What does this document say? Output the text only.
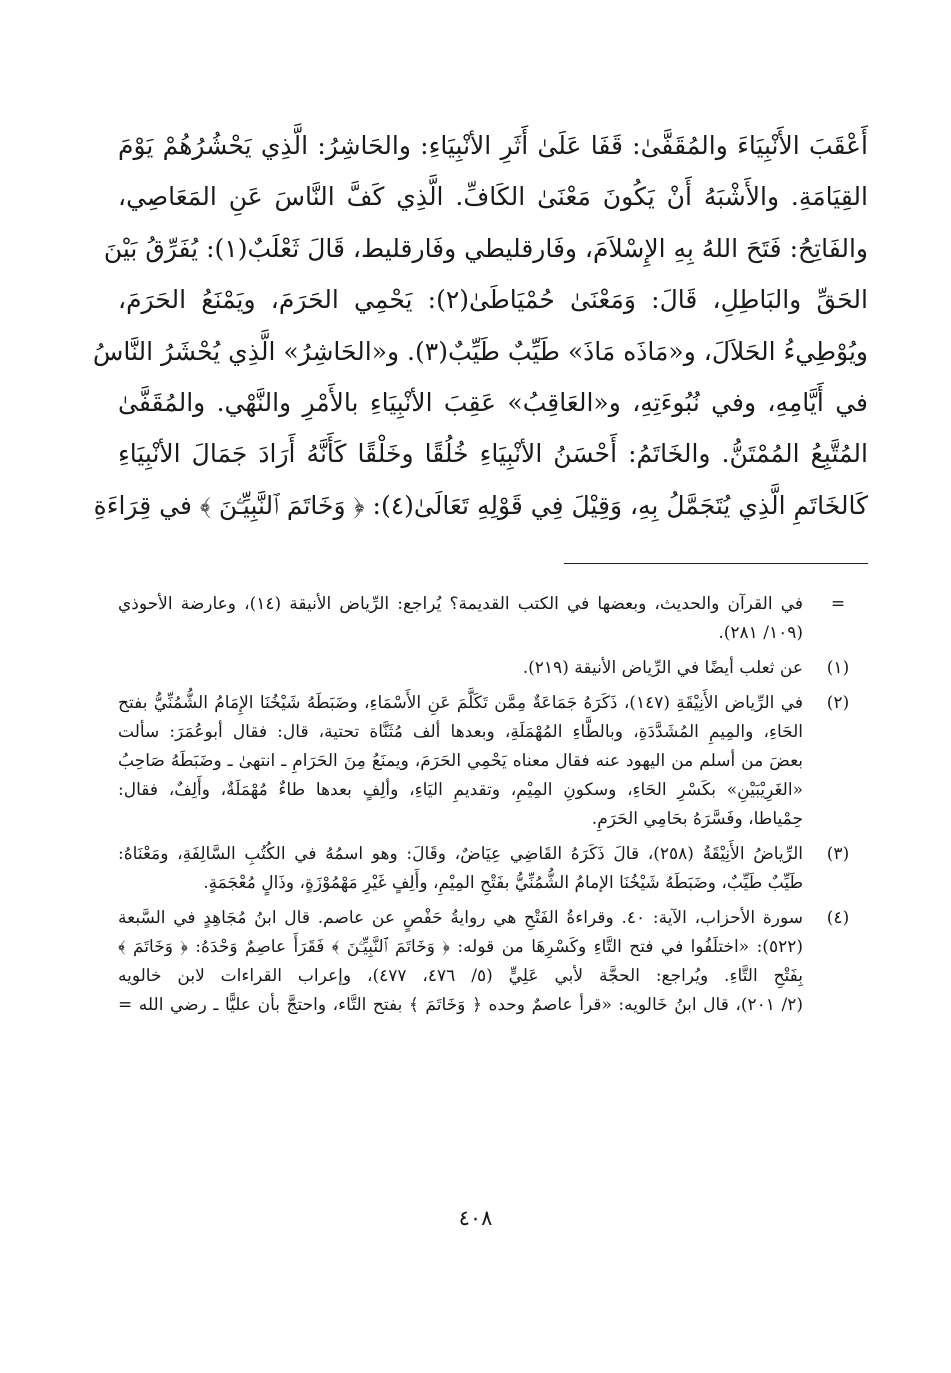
أَعْقَبَ الأَنْبِيَاءَ والمُقَفَّىٰ: قَفَا عَلَىٰ أَثَرِ الأنْبِيَاءِ: والحَاشِرُ: الَّذِي يَحْشُرُهُمْ يَوْمَ
القِيَامَةِ. والأَشْبَهُ أَنْ يَكُونَ مَعْنَىٰ الكَافِّ. الَّذِي كَفَّ النَّاسَ عَنِ المَعَاصِي،
والفَاتِحُ: فَتَحَ اللهُ بِهِ الإِسْلاَمَ، وفَارقليطي وفَارقليط، قَالَ ثَعْلَبٌ(١): يُفَرِّقُ بَيْنَ
الحَقِّ والبَاطِلِ، قَالَ: وَمَعْنَىٰ حُمْيَاطَىٰ(٢): يَحْمِي الحَرَمَ، ويَمْنَعُ الحَرَمَ،
ويُوْطِيءُ الحَلاَلَ، و«مَاذَه مَاذَ» طَيِّبٌ طَيِّبٌ(٣). و«الحَاشِرُ» الَّذِي يُحْشَرُ النَّاسُ
في أَيَّامِهِ، وفي نُبُوءَتِهِ، و«العَاقِبُ» عَقِبَ الأنْبِيَاءِ بالأَمْرِ والنَّهْي. والمُقَفَّىٰ
المُتَّبِعُ المُمْتَنُّ. والخَاتَمُ: أَحْسَنُ الأنْبِيَاءِ خُلُقًا وخَلْقًا كَأَنَّهُ أَرَادَ جَمَالَ الأنْبِيَاءِ
كَالخَاتَمِ الَّذِي يُتَجَمَّلُ بِهِ، وَقِيْلَ فِي قَوْلِهِ تَعَالَىٰ(٤): ﴿ وَخَاتَمَ ٱلنَّبِيِّـۧنَ ﴾ في قِرَاءَةِ
=
في القرآن والحديث، وبعضها في الكتب القديمة؟ يُراجع: الرِّياض الأنيقة (١٤)، وعارضة الأحوذي
(١٠٩/ ٢٨١).
(١)
عن ثعلب أيضًا في الرِّياض الأنيقة (٢١٩).
(٢)
في الرِّياض الأَنِيْقَةِ (١٤٧)، ذَكَرَهُ جَمَاعَةٌ مِمَّن تَكَلَّمَ عَنِ الأَسْمَاءِ، وضَبَطَهُ شَيْخُنَا الإِمَامُ الشُّمُنِّيُّ بفتح
الحَاءِ، والمِيمِ المُشَدَّدَةِ، وبالطَّاءِ المُهْمَلَةِ، وبعدها ألف مُثَنَّاة تحتية، قال: فقال أبوعُمَرَ: سألت
بعضَ من أسلم من اليهود عنه فقال معناه يَحْمِي الحَرَمَ، ويمنَعُ مِنَ الحَرَامِ ـ انتهىٰ ـ وضَبَطَهُ صَاحِبُ
«الغَرِيْبَيْنِ» بكَسْرِ الحَاءِ، وسكونِ المِيْمِ، وتقديمِ اليَاءِ، وألِفٍ بعدها طاءٌ مُهْمَلَةٌ، وأَلِفٌ، فقال:
حِمْياطا، وفَسَّرَهُ بحَامِي الحَرَمِ.
(٣)
الرِّياضُ الأَنِيْقَةُ (٢٥٨)، قالَ ذَكَرَهُ القَاضِي عِيَاضٌ، وقَالَ: وهو اسمُهُ في الكُتُبِ السَّالِفَةِ، ومَعْنَاهُ:
طَيِّبٌ طَيِّبٌ، وضَبَطَهُ شَيْخُنَا الإمامُ الشُّمُنِّيُّ بفَتْحِ المِيْمِ، وأَلِفٍ غَيْرِ مَهْمُوْزَةٍ، وذَالٍ مُعْجَمَةٍ.
(٤)
سورة الأحزاب، الآية: ٤٠. وقراءةُ الفَتْحِ هي روايةُ حَفْصٍ عن عاصم. قال ابنُ مُجَاهِدٍ في السَّبعة
(٥٢٢): «اختلَفُوا في فتح التَّاءِ وكَسْرِهَا من قوله: ﴿ وَخَاتَمَ ٱلنَّبِيِّـۧنَ ﴾ فَقَرَأَ عاصِمٌ وَحْدَهُ: ﴿ وَخَاتَمَ ﴾
بِفَتْحِ التَّاءِ. ويُراجع: الحجَّة لأبي عَلِيٍّ (٥/ ٤٧٦، ٤٧٧)، وإعراب القراءات لابن خالويه
(٢/ ٢٠١)، قال ابنُ خَالويه: «قرأ عاصمٌ وحده ﴿ وَخَاتَمَ ﴾ بفتح التَّاء، واحتجَّ بأن عليًّا ـ رضي الله =
٤٠٨
